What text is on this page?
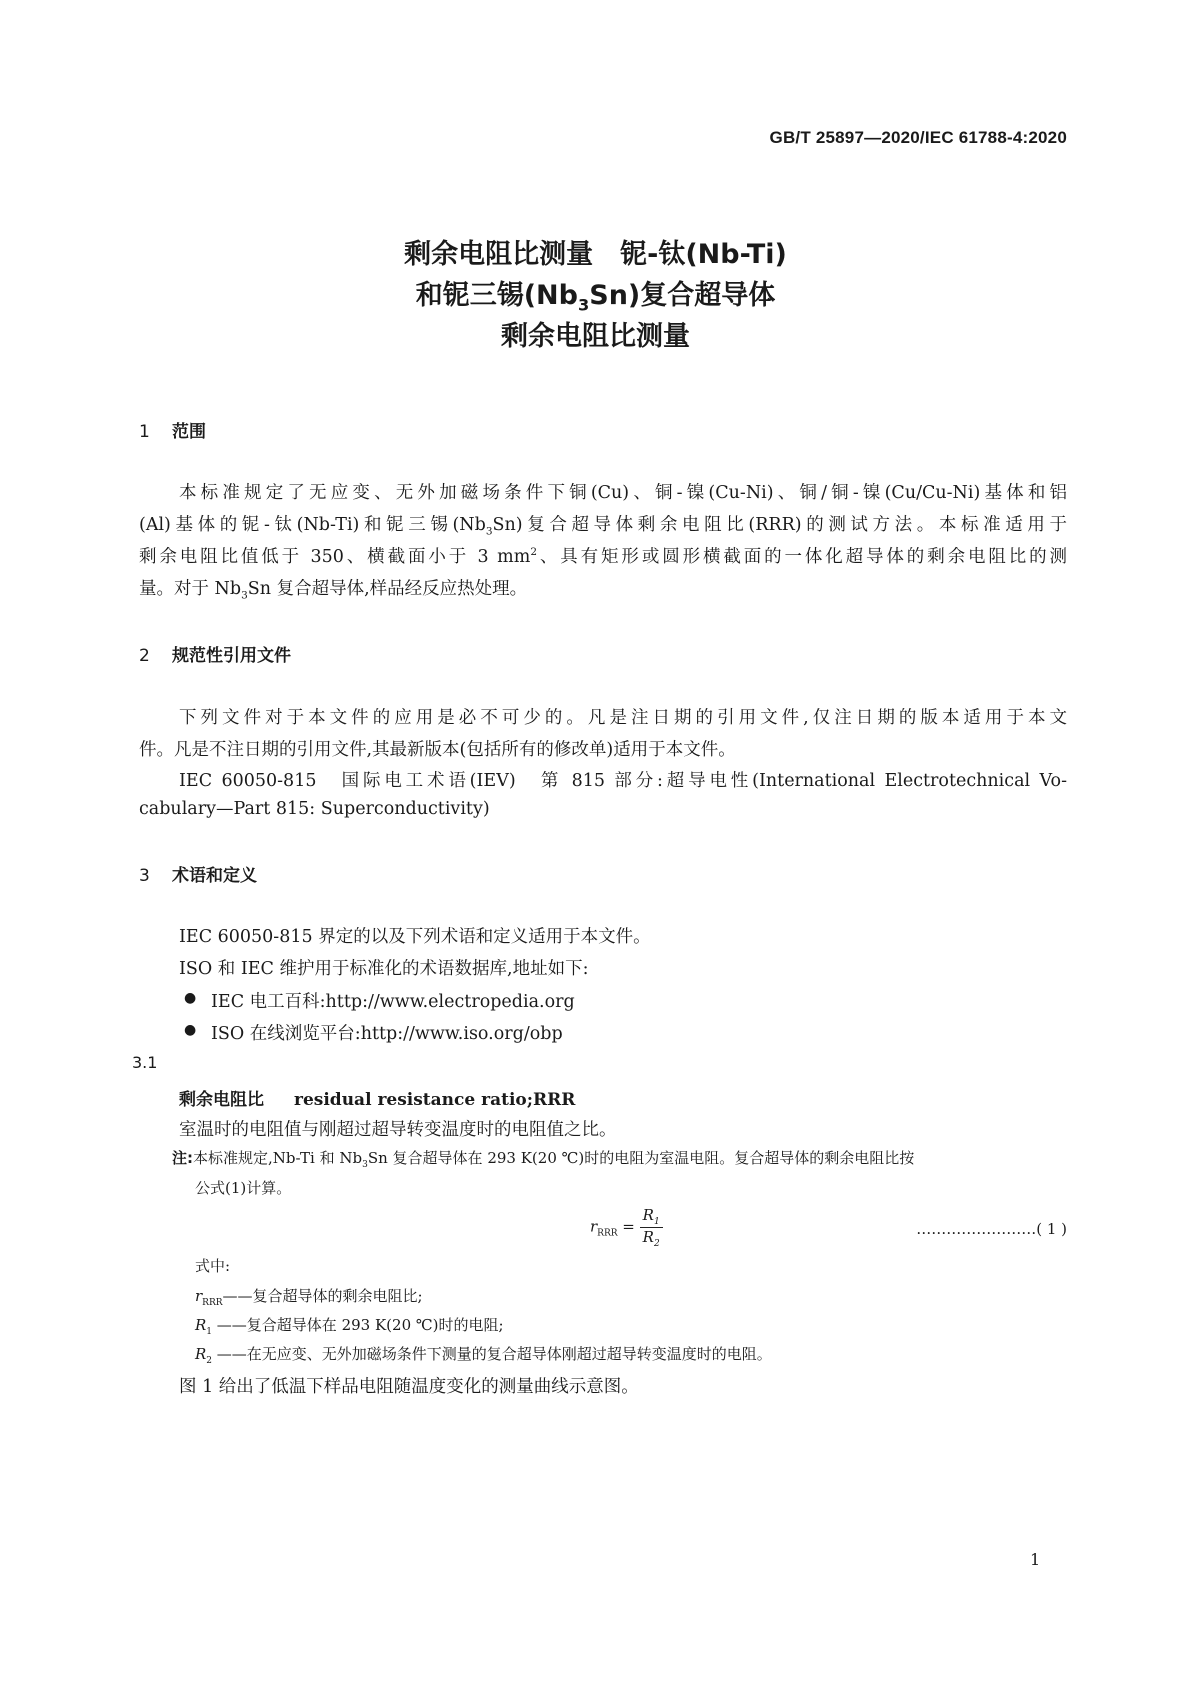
GB/T 25897—2020/IEC 61788-4:2020
剩余电阻比测量　铌-钛(Nb-Ti)
和铌三锡$(Nb_3Sn)$复合超导体
剩余电阻比测量
1 范围
本标准规定了无应变、无外加磁场条件下铜(Cu)、铜-镍(Cu-Ni)、铜/铜-镍(Cu/Cu-Ni)基体和铝
(Al)基体的铌-钛(Nb-Ti)和铌三锡$(Nb_3Sn)$复合超导体剩余电阻比(RRR)的测试方法。本标准适用于
剩余电阻比值低于 350、横截面小于 3 $mm^2$、具有矩形或圆形横截面的一体化超导体的剩余电阻比的测
量。对于 $Nb_3Sn$ 复合超导体,样品经反应热处理。
2 规范性引用文件
下列文件对于本文件的应用是必不可少的。凡是注日期的引用文件,仅注日期的版本适用于本文
件。凡是不注日期的引用文件,其最新版本(包括所有的修改单)适用于本文件。
IEC 60050-815　国际电工术语(IEV)　第 815 部分:超导电性(International Electrotechnical Vo-
cabulary—Part 815: Superconductivity)
3 术语和定义
IEC 60050-815 界定的以及下列术语和定义适用于本文件。
ISO 和 IEC 维护用于标准化的术语数据库,地址如下:
● IEC 电工百科:http://www.electropedia.org
● ISO 在线浏览平台:http://www.iso.org/obp
3.1
剩余电阻比 residual resistance ratio;RRR
室温时的电阻值与刚超过超导转变温度时的电阻值之比。
注:本标准规定,Nb-Ti 和 $Nb_3Sn$ 复合超导体在 293 K(20 ℃)时的电阻为室温电阻。复合超导体的剩余电阻比按
公式(1)计算。
$r_{RRR} = \frac{R_1}{R_2}$	……………………( 1 )
式中:
$r_{RRR}——$复合超导体的剩余电阻比;
$R_1$ ——复合超导体在 293 K(20 ℃)时的电阻;
$R_2$ ——在无应变、无外加磁场条件下测量的复合超导体刚超过超导转变温度时的电阻。
图 1 给出了低温下样品电阻随温度变化的测量曲线示意图。
1
